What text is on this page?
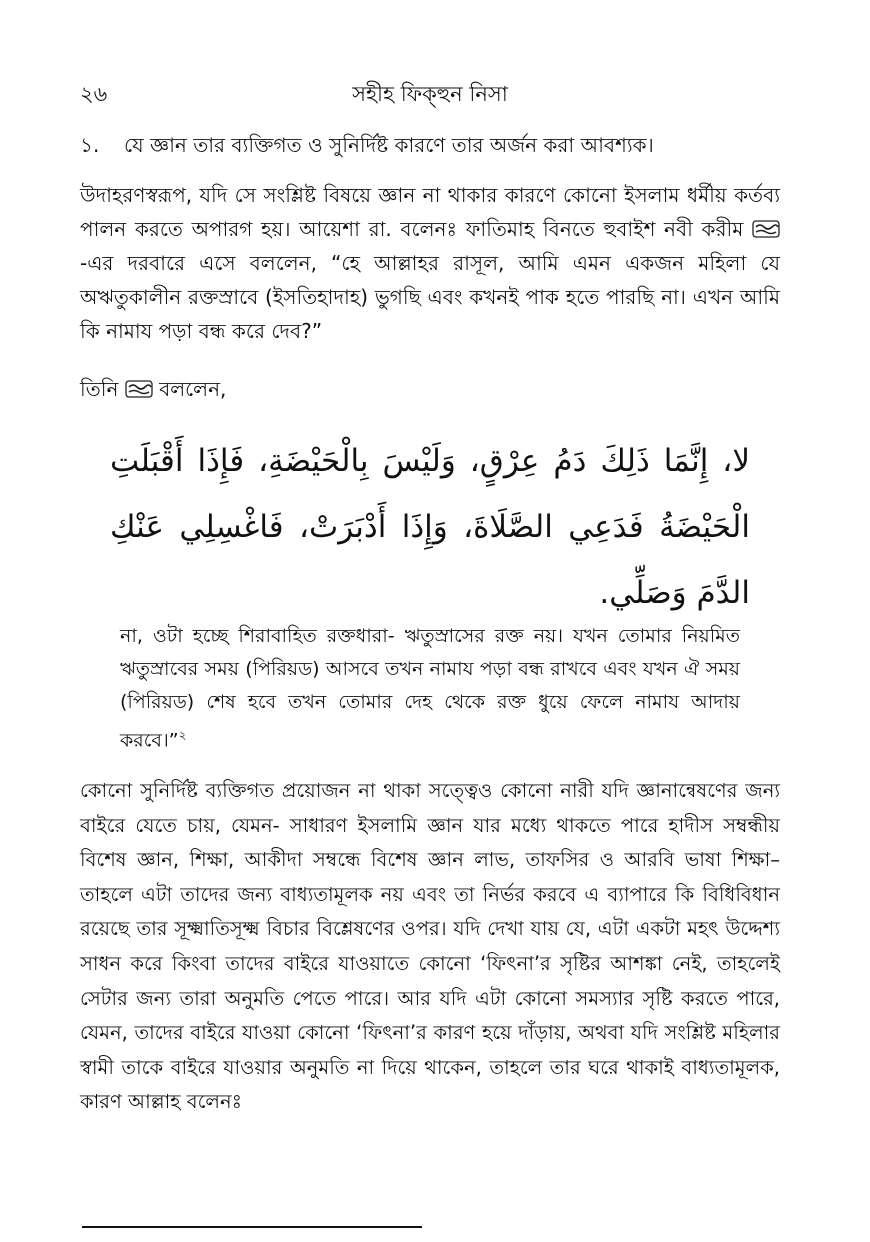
২৬	সহীহ ফিক্হুন নিসা
১. যে জ্ঞান তার ব্যক্তিগত ও সুনির্দিষ্ট কারণে তার অর্জন করা আবশ্যক।
উদাহরণস্বরূপ, যদি সে সংশ্লিষ্ট বিষয়ে জ্ঞান না থাকার কারণে কোনো ইসলাম ধর্মীয় কর্তব্য পালন করতে অপারগ হয়। আয়েশা রা. বলেনঃ ফাতিমাহ বিনতে হুবাইশ নবী করীম
-এর দরবারে এসে বললেন, “হে আল্লাহর রাসূল, আমি এমন একজন মহিলা যে অঋতুকালীন রক্তস্রাবে (ইসতিহাদাহ) ভুগছি এবং কখনই পাক হতে পারছি না। এখন আমি কি নামায পড়া বন্ধ করে দেব?”
তিনি
বললেন,
لا، إِنَّمَا ذَلِكَ دَمُ عِرْقٍ، وَلَيْسَ بِالْحَيْضَةِ، فَإِذَا أَقْبَلَتِ الْحَيْضَةُ فَدَعِي الصَّلَاةَ، وَإِذَا أَدْبَرَتْ، فَاغْسِلِي عَنْكِ الدَّمَ وَصَلِّي.
না, ওটা হচ্ছে শিরাবাহিত রক্তধারা- ঋতুস্রাসের রক্ত নয়। যখন তোমার নিয়মিত ঋতুস্রাবের সময় (পিরিয়ড) আসবে তখন নামায পড়া বন্ধ রাখবে এবং যখন ঐ সময় (পিরিয়ড) শেষ হবে তখন তোমার দেহ থেকে রক্ত ধুয়ে ফেলে নামায আদায় করবে।”$^২$
কোনো সুনির্দিষ্ট ব্যক্তিগত প্রয়োজন না থাকা সত্ত্বেও কোনো নারী যদি জ্ঞানান্বেষণের জন্য বাইরে যেতে চায়, যেমন- সাধারণ ইসলামি জ্ঞান যার মধ্যে থাকতে পারে হাদীস সম্বন্ধীয় বিশেষ জ্ঞান, শিক্ষা, আকীদা সম্বন্ধে বিশেষ জ্ঞান লাভ, তাফসির ও আরবি ভাষা শিক্ষা– তাহলে এটা তাদের জন্য বাধ্যতামূলক নয় এবং তা নির্ভর করবে এ ব্যাপারে কি বিধিবিধান রয়েছে তার সূক্ষ্মাতিসূক্ষ্ম বিচার বিশ্লেষণের ওপর। যদি দেখা যায় যে, এটা একটা মহৎ উদ্দেশ্য সাধন করে কিংবা তাদের বাইরে যাওয়াতে কোনো ‘ফিৎনা’র সৃষ্টির আশঙ্কা নেই, তাহলেই সেটার জন্য তারা অনুমতি পেতে পারে। আর যদি এটা কোনো সমস্যার সৃষ্টি করতে পারে, যেমন, তাদের বাইরে যাওয়া কোনো ‘ফিৎনা’র কারণ হয়ে দাঁড়ায়, অথবা যদি সংশ্লিষ্ট মহিলার স্বামী তাকে বাইরে যাওয়ার অনুমতি না দিয়ে থাকেন, তাহলে তার ঘরে থাকাই বাধ্যতামূলক, কারণ আল্লাহ বলেনঃ
